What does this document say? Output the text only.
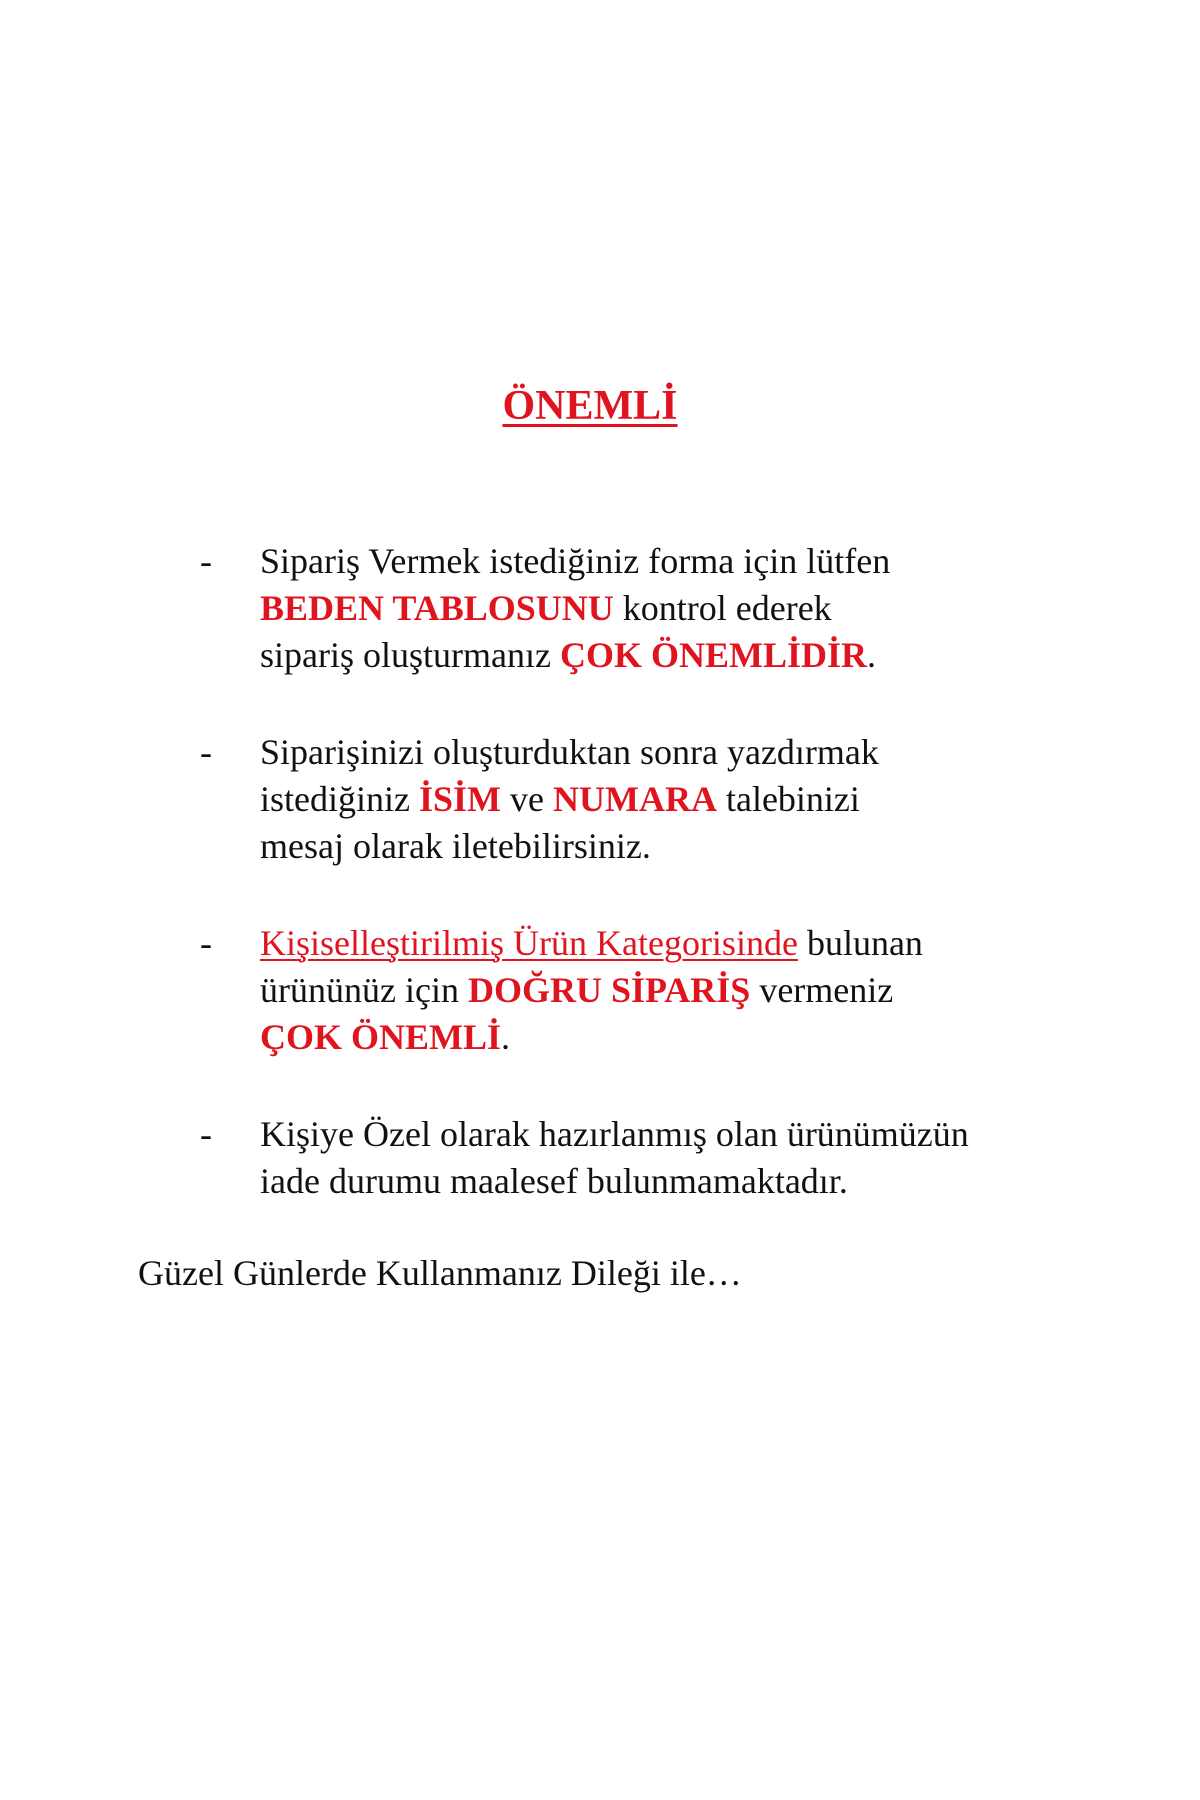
ÖNEMLİ
- Sipariş Vermek istediğiniz forma için lütfen
BEDEN TABLOSUNU kontrol ederek
sipariş oluşturmanız ÇOK ÖNEMLİDİR.
- Siparişinizi oluşturduktan sonra yazdırmak
istediğiniz İSİM ve NUMARA talebinizi
mesaj olarak iletebilirsiniz.
- Kişiselleştirilmiş Ürün Kategorisinde bulunan
ürününüz için DOĞRU SİPARİŞ vermeniz
ÇOK ÖNEMLİ.
- Kişiye Özel olarak hazırlanmış olan ürünümüzün
iade durumu maalesef bulunmamaktadır.
Güzel Günlerde Kullanmanız Dileği ile…
